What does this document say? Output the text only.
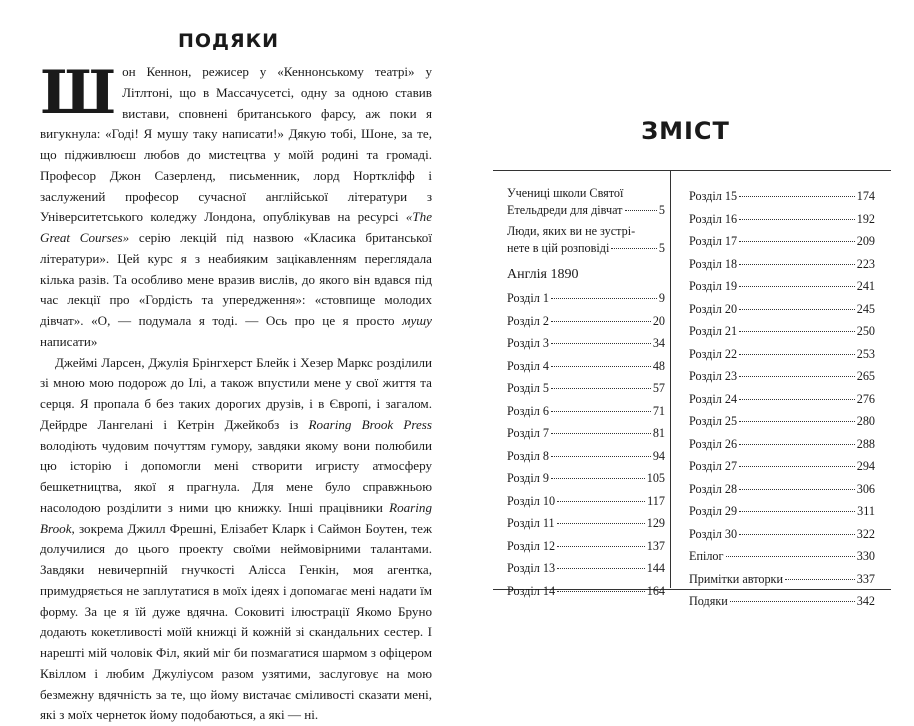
ПОДЯКИ

Шон Кеннон, режисер у «Кеннонському театрі» у Літлтоні, що в Массачусетсі, одну за одною ставив вистави, сповнені британського фарсу, аж поки я вигукнула: «Годі! Я мушу таку написати!» Дякую тобі, Шоне, за те, що підживлюєш любов до мистецтва у моїй родині та громаді. Професор Джон Сазерленд, письменник, лорд Нортклiфф і заслужений професор сучасної англійської літератури з Університетського коледжу Лондона, опублікував на ресурсі «The Great Courses» серію лекцій під назвою «Класика британської літератури». Цей курс я з неабияким зацікавленням переглядала кілька разів. Та особливо мене вразив вислів, до якого він вдався під час лекції про «Гордість та упередження»: «стовпище молодих дівчат». «О, — подумала я тоді. — Ось про це я просто мушу написати»

Джеймі Ларсен, Джулія Брінгхерст Блейк і Хезер Маркс розділили зі мною мою подорож до Ілі, а також впустили мене у свої життя та серця. Я пропала б без таких дорогих друзів, і в Європі, і загалом. Дейрдре Лангелані і Кетрін Джейкобз із Roaring Brook Press володіють чудовим почуттям гумору, завдяки якому вони полюбили цю історію і допомогли мені створити игристу атмосферу бешкетництва, якої я прагнула. Для мене було справжньою насолодою розділити з ними цю книжку. Інші працівники Roaring Brook, зокрема Джилл Фрешні, Елізабет Кларк і Саймон Боутен, теж долучилися до цього проекту своїми неймовірними талантами. Завдяки невичерпній гнучкості Алісса Генкін, моя агентка, примудряється не заплутатися в моїх ідеях і допомагає мені надати їм форму. За це я їй дуже вдячна. Соковиті ілюстрації Якомо Бруно додають кокетливості моїй книжці й кожній зі скандальних сестер. І нарешті мій чоловік Філ, який міг би позмагатися шармом з офіцером Квіллом і любим Джулiусом разом узятими, заслуговує на мою безмежну вдячність за те, що йому вистачає сміливості сказати мені, які з моїх чернеток йому подобаються, а які — ні.

ЗМІСТ
Учениці школи Святої
Етельдреди для дівчат	5
Люди, яких ви не зустрі-
нете в цій розповіді	5
Англія 1890
Розділ 1	9
Розділ 2	20
Розділ 3	34
Розділ 4	48
Розділ 5	57
Розділ 6	71
Розділ 7	81
Розділ 8	94
Розділ 9	105
Розділ 10	117
Розділ 11	129
Розділ 12	137
Розділ 13	144
Розділ 14	164
Розділ 15	174
Розділ 16	192
Розділ 17	209
Розділ 18	223
Розділ 19	241
Розділ 20	245
Розділ 21	250
Розділ 22	253
Розділ 23	265
Розділ 24	276
Розділ 25	280
Розділ 26	288
Розділ 27	294
Розділ 28	306
Розділ 29	311
Розділ 30	322
Епілог	330
Примітки авторки	337
Подяки	342
